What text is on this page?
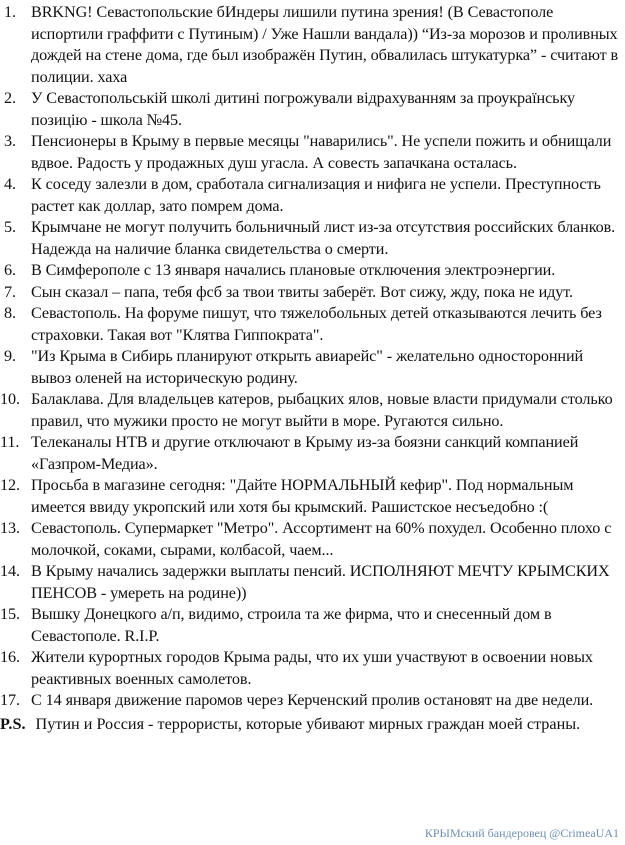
1. BRKNG! Севастопольские бИндеры лишили путина зрения! (В Севастополе испортили граффити с Путиным) / Уже Нашли вандала)) “Из-за морозов и проливных дождей на стене дома, где был изображён Путин, обвалилась штукатурка” - считают в полиции. хаха
2. У Севастопольській школі дитині погрожували відрахуванням за проукраїнську позицію - школа №45.
3. Пенсионеры в Крыму в первые месяцы "наварились". Не успели пожить и обнищали вдвое. Радость у продажных душ угасла. А совесть запачкана осталась.
4. К соседу залезли в дом, сработала сигнализация и нифига не успели. Преступность растет как доллар, зато помрем дома.
5. Крымчане не могут получить больничный лист из-за отсутствия российских бланков. Надежда на наличие бланка свидетельства о смерти.
6. В Симферополе с 13 января начались плановые отключения электроэнергии.
7. Сын сказал – папа, тебя фсб за твои твиты заберёт. Вот сижу, жду, пока не идут.
8. Севастополь. На форуме пишут, что тяжелобольных детей отказываются лечить без страховки. Такая вот "Клятва Гиппократа".
9. "Из Крыма в Сибирь планируют открыть авиарейс" - желательно односторонний вывоз оленей на историческую родину.
10. Балаклава. Для владельцев катеров, рыбацких ялов, новые власти придумали столько правил, что мужики просто не могут выйти в море. Ругаются сильно.
11. Телеканалы НТВ и другие отключают в Крыму из-за боязни санкций компанией «Газпром-Медиа».
12. Просьба в магазине сегодня: "Дайте НОРМАЛЬНЫЙ кефир". Под нормальным имеется ввиду укропский или хотя бы крымский. Рашистское несъедобно :(
13. Севастополь. Супермаркет "Метро". Ассортимент на 60% похудел. Особенно плохо с молочкой, соками, сырами, колбасой, чаем...
14. В Крыму начались задержки выплаты пенсий. ИСПОЛНЯЮТ МЕЧТУ КРЫМСКИХ ПЕНСОВ - умереть на родине))
15. Вышку Донецкого а/п, видимо, строила та же фирма, что и снесенный дом в Севастополе. R.I.P.
16. Жители курортных городов Крыма рады, что их уши участвуют в освоении новых реактивных военных самолетов.
17. С 14 января движение паромов через Керченский пролив остановят на две недели.
P.S. Путин и Россия - террористы, которые убивают мирных граждан моей страны.
КРЫМский бандеровец @CrimeaUA1
